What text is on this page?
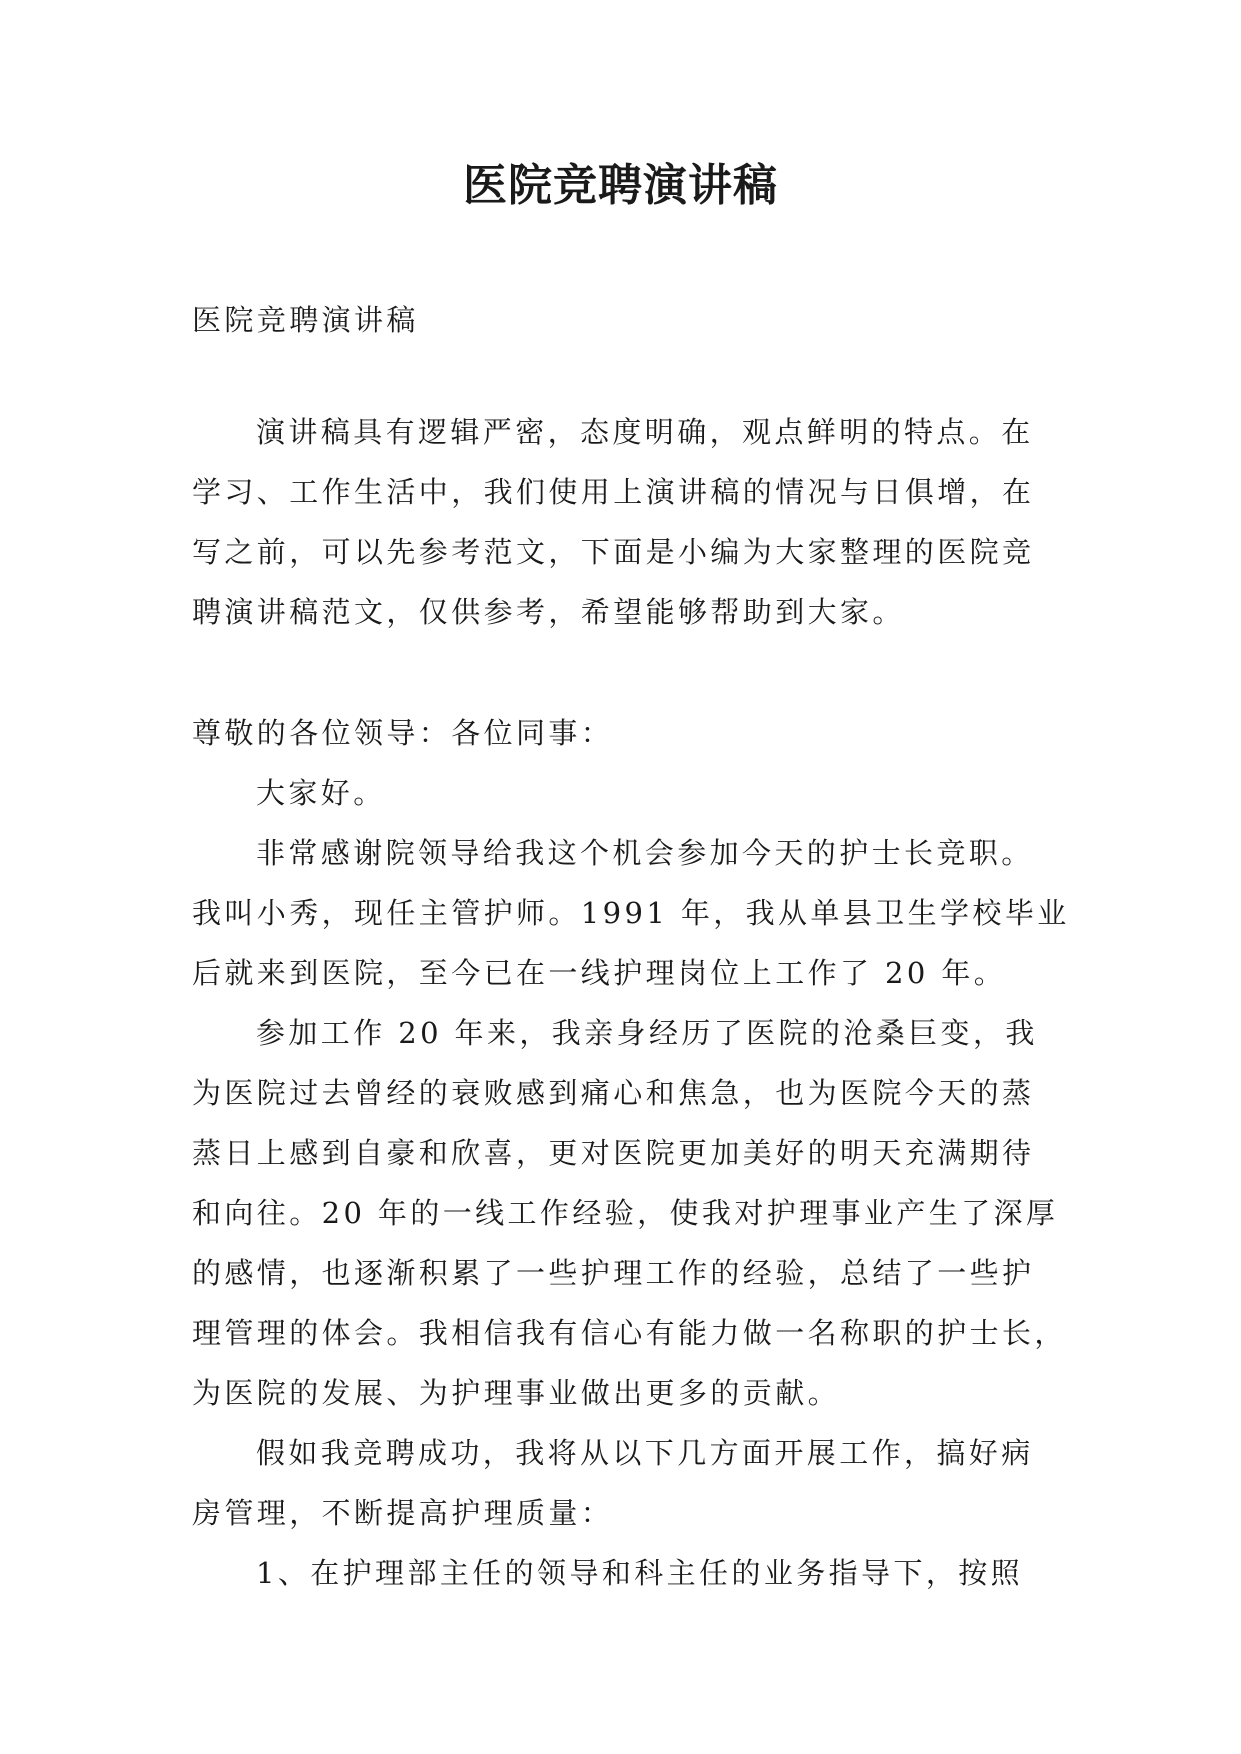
医院竞聘演讲稿

医院竞聘演讲稿

演讲稿具有逻辑严密，态度明确，观点鲜明的特点。在

学习、工作生活中，我们使用上演讲稿的情况与日俱增，在

写之前，可以先参考范文，下面是小编为大家整理的医院竞

聘演讲稿范文，仅供参考，希望能够帮助到大家。

尊敬的各位领导：各位同事：

大家好。

非常感谢院领导给我这个机会参加今天的护士长竞职。

我叫小秀，现任主管护师。1991 年，我从单县卫生学校毕业

后就来到医院，至今已在一线护理岗位上工作了 20 年。

参加工作 20 年来，我亲身经历了医院的沧桑巨变，我

为医院过去曾经的衰败感到痛心和焦急，也为医院今天的蒸

蒸日上感到自豪和欣喜，更对医院更加美好的明天充满期待

和向往。20 年的一线工作经验，使我对护理事业产生了深厚

的感情，也逐渐积累了一些护理工作的经验，总结了一些护

理管理的体会。我相信我有信心有能力做一名称职的护士长，

为医院的发展、为护理事业做出更多的贡献。

假如我竞聘成功，我将从以下几方面开展工作，搞好病

房管理，不断提高护理质量：

1、在护理部主任的领导和科主任的业务指导下，按照
